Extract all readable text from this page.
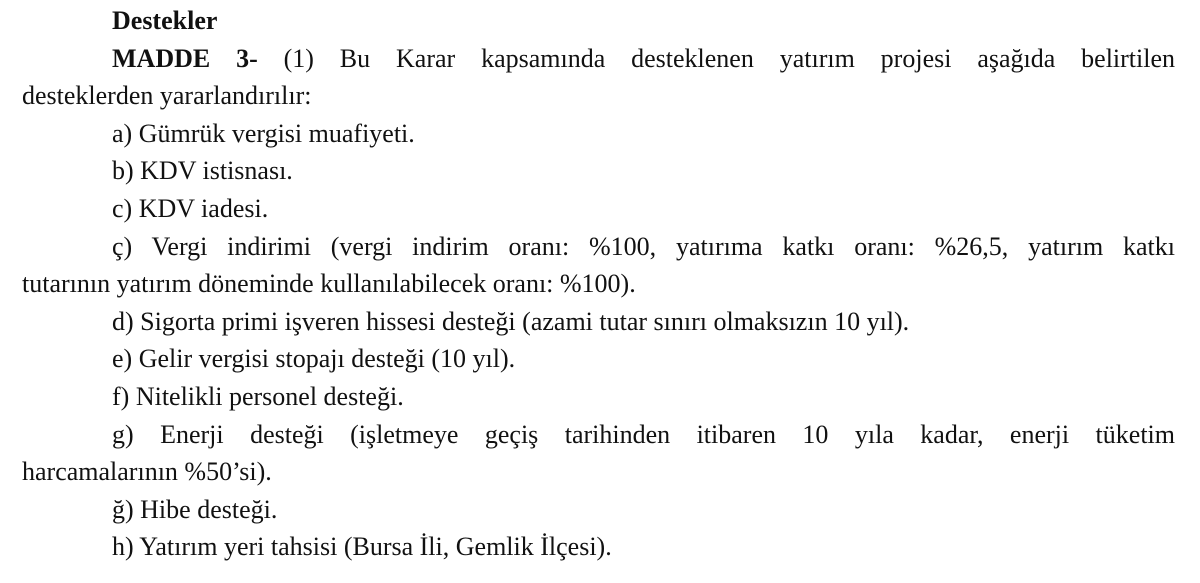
Destekler
MADDE 3- (1) Bu Karar kapsamında desteklenen yatırım projesi aşağıda belirtilen
desteklerden yararlandırılır:
a) Gümrük vergisi muafiyeti.
b) KDV istisnası.
c) KDV iadesi.
ç) Vergi indirimi (vergi indirim oranı: %100, yatırıma katkı oranı: %26,5, yatırım katkı
tutarının yatırım döneminde kullanılabilecek oranı: %100).
d) Sigorta primi işveren hissesi desteği (azami tutar sınırı olmaksızın 10 yıl).
e) Gelir vergisi stopajı desteği (10 yıl).
f) Nitelikli personel desteği.
g) Enerji desteği (işletmeye geçiş tarihinden itibaren 10 yıla kadar, enerji tüketim
harcamalarının %50’si).
ğ) Hibe desteği.
h) Yatırım yeri tahsisi (Bursa İli, Gemlik İlçesi).
